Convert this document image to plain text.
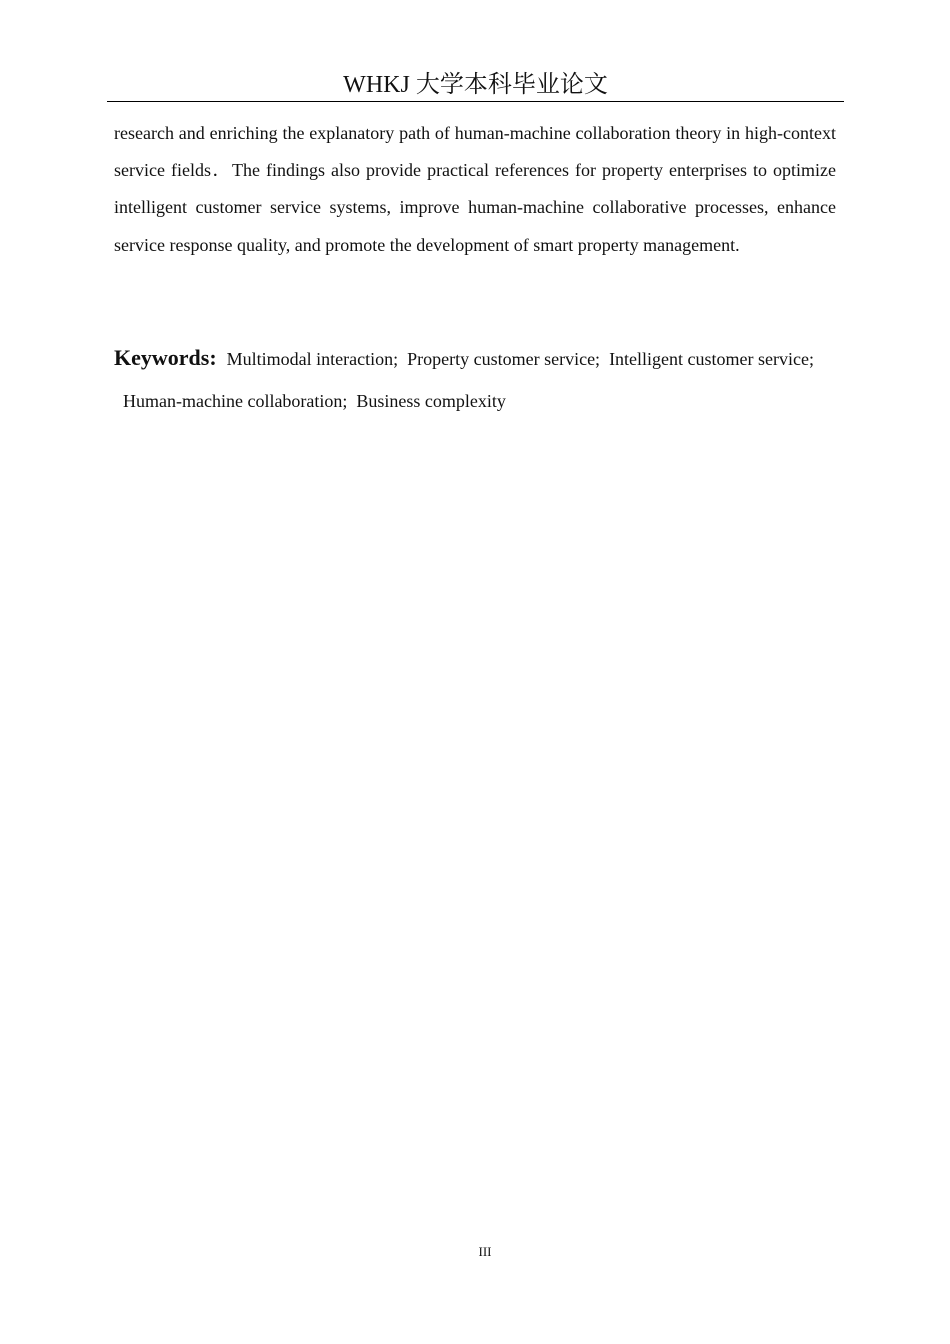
WHKJ 大学本科毕业论文

research and enriching the explanatory path of human-machine collaboration theory in high-context service fields．The findings also provide practical references for property enterprises to optimize intelligent customer service systems, improve human-machine collaborative processes, enhance service response quality, and promote the development of smart property management.

Keywords: Multimodal interaction; Property customer service; Intelligent customer service;  Human-machine collaboration; Business complexity

III
